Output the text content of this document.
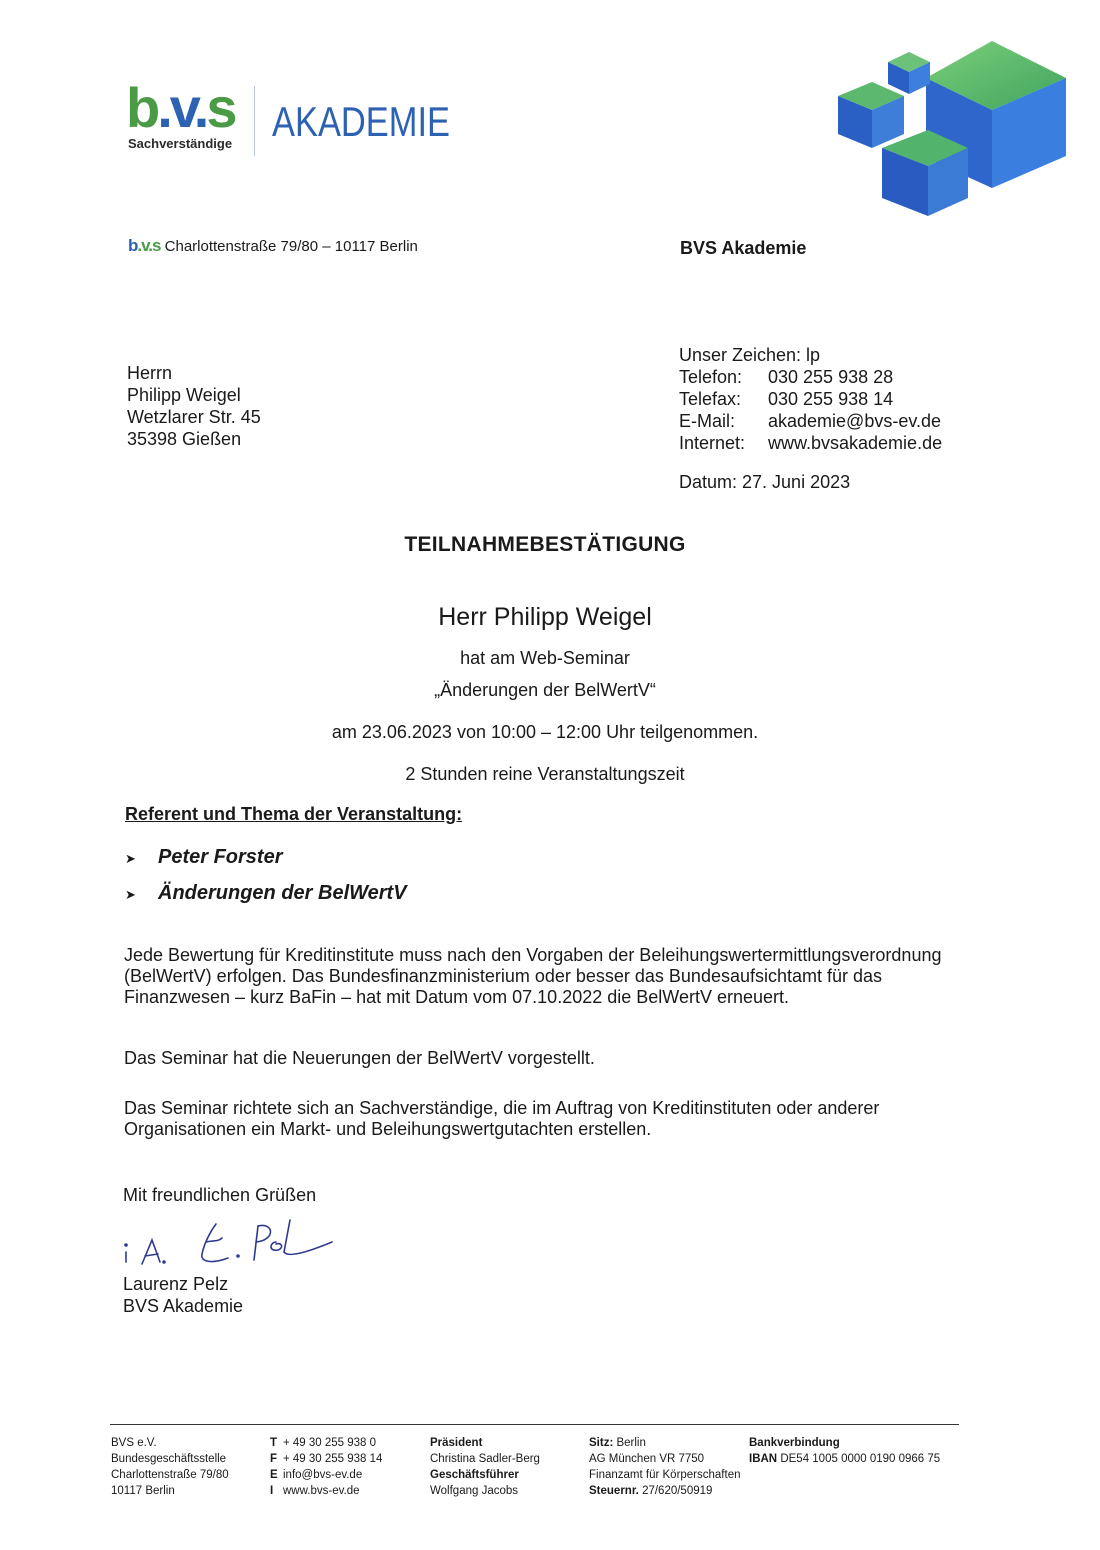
b.v.s
Sachverständige AKADEMIE
b.v.s Charlottenstraße 79/80 – 10117 Berlin	BVS Akademie
Herrn
Philipp Weigel
Wetzlarer Str. 45
35398 Gießen
Unser Zeichen: lp
Telefon: 030 255 938 28
Telefax: 030 255 938 14
E-Mail: akademie@bvs-ev.de
Internet: www.bvsakademie.de
Datum: 27. Juni 2023
TEILNAHMEBESTÄTIGUNG
Herr Philipp Weigel
hat am Web-Seminar
„Änderungen der BelWertV“
am 23.06.2023 von 10:00 – 12:00 Uhr teilgenommen.
2 Stunden reine Veranstaltungszeit
Referent und Thema der Veranstaltung:
➤ Peter Forster
➤ Änderungen der BelWertV
Jede Bewertung für Kreditinstitute muss nach den Vorgaben der Beleihungswertermittlungsverordnung (BelWertV) erfolgen. Das Bundesfinanzministerium oder besser das Bundesaufsichtamt für das Finanzwesen – kurz BaFin – hat mit Datum vom 07.10.2022 die BelWertV erneuert.
Das Seminar hat die Neuerungen der BelWertV vorgestellt.
Das Seminar richtete sich an Sachverständige, die im Auftrag von Kreditinstituten oder anderer Organisationen ein Markt- und Beleihungswertgutachten erstellen.
Mit freundlichen Grüßen
Laurenz Pelz
BVS Akademie
BVS e.V.
Bundesgeschäftsstelle
Charlottenstraße 79/80
10117 Berlin
T + 49 30 255 938 0
F + 49 30 255 938 14
E info@bvs-ev.de
I www.bvs-ev.de
Präsident
Christina Sadler-Berg
Geschäftsführer
Wolfgang Jacobs
Sitz: Berlin
AG München VR 7750
Finanzamt für Körperschaften
Steuernr. 27/620/50919
Bankverbindung
IBAN DE54 1005 0000 0190 0966 75
